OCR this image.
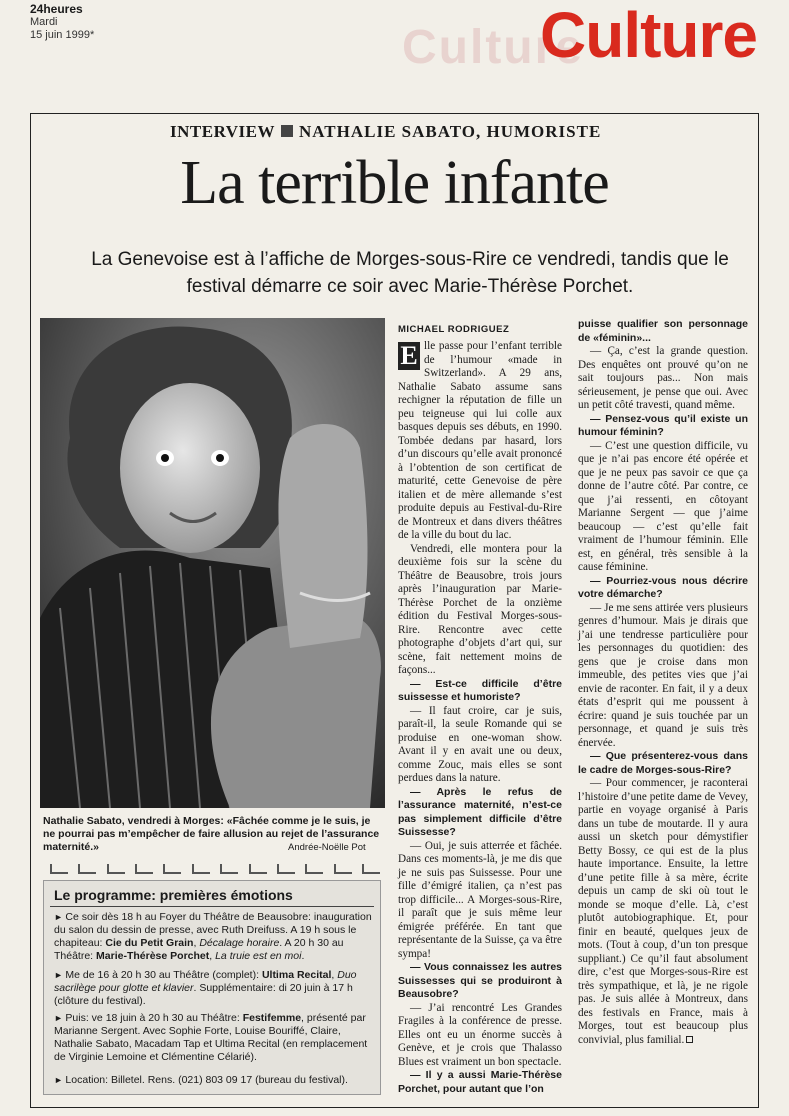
24heures
Mardi
15 juin 1999*	Culture
Culture
INTERVIEW NATHALIE SABATO, HUMORISTE
La terrible infante
La Genevoise est à l’affiche de Morges-sous-Rire ce vendredi, tandis que le festival démarre ce soir avec Marie-Thérèse Porchet.
Nathalie Sabato, vendredi à Morges: «Fâchée comme je le suis, je ne pourrai pas m’empêcher de faire allusion au rejet de l’assurance maternité.»	Andrée-Noëlle Pot
Le programme: premières émotions
► Ce soir dès 18 h au Foyer du Théâtre de Beausobre: inauguration du salon du dessin de presse, avec Ruth Dreifuss. A 19 h sous le chapiteau: Cie du Petit Grain, Décalage horaire. A 20 h 30 au Théâtre: Marie-Thérèse Porchet, La truie est en moi.
► Me de 16 à 20 h 30 au Théâtre (complet): Ultima Recital, Duo sacrilège pour glotte et klavier. Supplémentaire: di 20 juin à 17 h (clôture du festival).
► Puis: ve 18 juin à 20 h 30 au Théâtre: Festifemme, présenté par Marianne Sergent. Avec Sophie Forte, Louise Bouriffé, Claire, Nathalie Sabato, Macadam Tap et Ultima Recital (en remplacement de Virginie Lemoine et Clémentine Célarié).
► Location: Billetel. Rens. (021) 803 09 17 (bureau du festival).
MICHAEL RODRIGUEZ

E lle passe pour l’enfant terrible de l’humour «made in Switzerland». A 29 ans, Nathalie Sabato assume sans rechigner la réputation de fille un peu teigneuse qui lui colle aux basques depuis ses débuts, en 1990. Tombée dedans par hasard, lors d’un discours qu’elle avait prononcé à l’obtention de son certificat de maturité, cette Genevoise de père italien et de mère allemande s’est produite depuis au Festival-du-Rire de Montreux et dans divers théâtres de la ville du bout du lac.

Vendredi, elle montera pour la deuxième fois sur la scène du Théâtre de Beausobre, trois jours après l’inauguration par Marie-Thérèse Porchet de la onzième édition du Festival Morges-sous-Rire. Rencontre avec cette photographe d’objets d’art qui, sur scène, fait nettement moins de façons...

— Est-ce difficile d’être suissesse et humoriste?

— Il faut croire, car je suis, paraît-il, la seule Romande qui se produise en one-woman show. Avant il y en avait une ou deux, comme Zouc, mais elles se sont perdues dans la nature.

— Après le refus de l’assurance maternité, n’est-ce pas simplement difficile d’être Suissesse?

— Oui, je suis atterrée et fâchée. Dans ces moments-là, je me dis que je ne suis pas Suissesse. Pour une fille d’émigré italien, ça n’est pas trop difficile... A Morges-sous-Rire, il paraît que je suis même leur émigrée préférée. En tant que représentante de la Suisse, ça va être sympa!

— Vous connaissez les autres Suissesses qui se produiront à Beausobre?

— J’ai rencontré Les Grandes Fragiles à la conférence de presse. Elles ont eu un énorme succès à Genève, et je crois que Thalasso Blues est vraiment un bon spectacle.

— Il y a aussi Marie-Thérèse Porchet, pour autant que l’on

puisse qualifier son personnage de «féminin»...

— Ça, c’est la grande question. Des enquêtes ont prouvé qu’on ne sait toujours pas... Non mais sérieusement, je pense que oui. Avec un petit côté travesti, quand même.

— Pensez-vous qu’il existe un humour féminin?

— C’est une question difficile, vu que je n’ai pas encore été opérée et que je ne peux pas savoir ce que ça donne de l’autre côté. Par contre, ce que j’ai ressenti, en côtoyant Marianne Sergent — que j’aime beaucoup — c’est qu’elle fait vraiment de l’humour féminin. Elle est, en général, très sensible à la cause féminine.

— Pourriez-vous nous décrire votre démarche?

— Je me sens attirée vers plusieurs genres d’humour. Mais je dirais que j’ai une tendresse particulière pour les personnages du quotidien: des gens que je croise dans mon immeuble, des petites vies que j’ai envie de raconter. En fait, il y a deux états d’esprit qui me poussent à écrire: quand je suis touchée par un personnage, et quand je suis très énervée.

— Que présenterez-vous dans le cadre de Morges-sous-Rire?

— Pour commencer, je raconterai l’histoire d’une petite dame de Vevey, partie en voyage organisé à Paris dans un tube de moutarde. Il y aura aussi un sketch pour démystifier Betty Bossy, ce qui est de la plus haute importance. Ensuite, la lettre d’une petite fille à sa mère, écrite depuis un camp de ski où tout le monde se moque d’elle. Là, c’est plutôt autobiographique. Et, pour finir en beauté, quelques jeux de mots. (Tout à coup, d’un ton presque suppliant.) Ce qu’il faut absolument dire, c’est que Morges-sous-Rire est très sympathique, et là, je ne rigole pas. Je suis allée à Montreux, dans des festivals en France, mais à Morges, tout est beaucoup plus convivial, plus familial.
